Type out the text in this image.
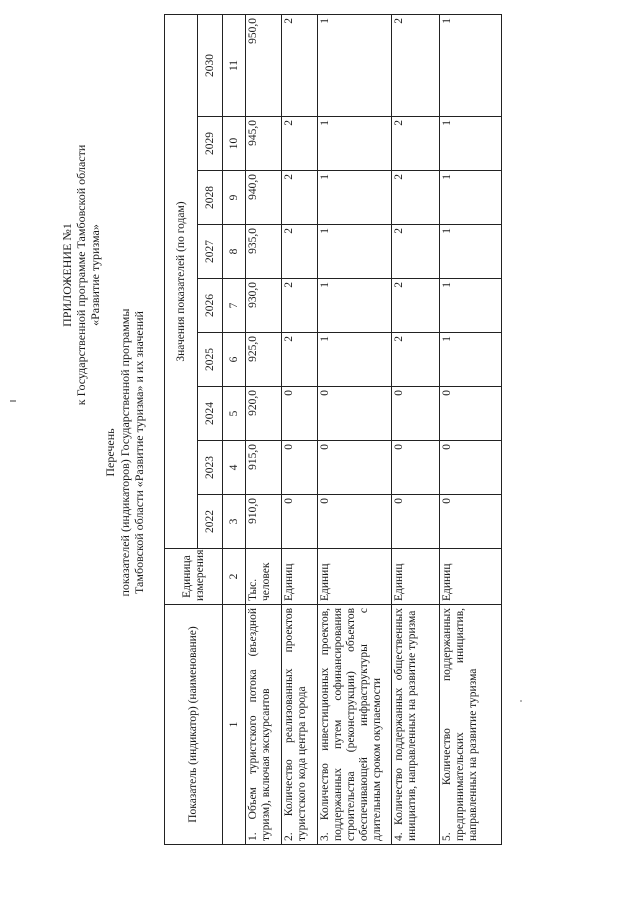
ПРИЛОЖЕНИЕ №1 к Государственной программе Тамбовской области «Развитие туризма»
Перечень показателей (индикаторов) Государственной программы Тамбовской области «Развитие туризма» и их значений
Показатель (индикатор) (наименование)	Единица измерения	Значения показателей (по годам)								
		2022	2023	2024	2025	2026	2027	2028	2029	2030
1	2	3	4	5	6	7	8	9	10	11
1. Объем туристского потока (въездной туризм), включая экскурсантов	Тыс. человек	910,0	915,0	920,0	925,0	930,0	935,0	940,0	945,0	950,0
2. Количество реализованных проектов туристского кода центра города	Единиц	0	0	0	2	2	2	2	2	2
3. Количество инвестиционных проектов, поддержанных путем софинансирования строительства (реконструкции) объектов обеспечивающей инфраструктуры с длительным сроком окупаемости	Единиц	0	0	0	1	1	1	1	1	1
4. Количество поддержанных общественных инициатив, направленных на развитие туризма	Единиц	0	0	0	2	2	2	2	2	2
5. Количество поддержанных предпринимательских инициатив, направленных на развитие туризма	Единиц	0	0	0	1	1	1	1	1	1
